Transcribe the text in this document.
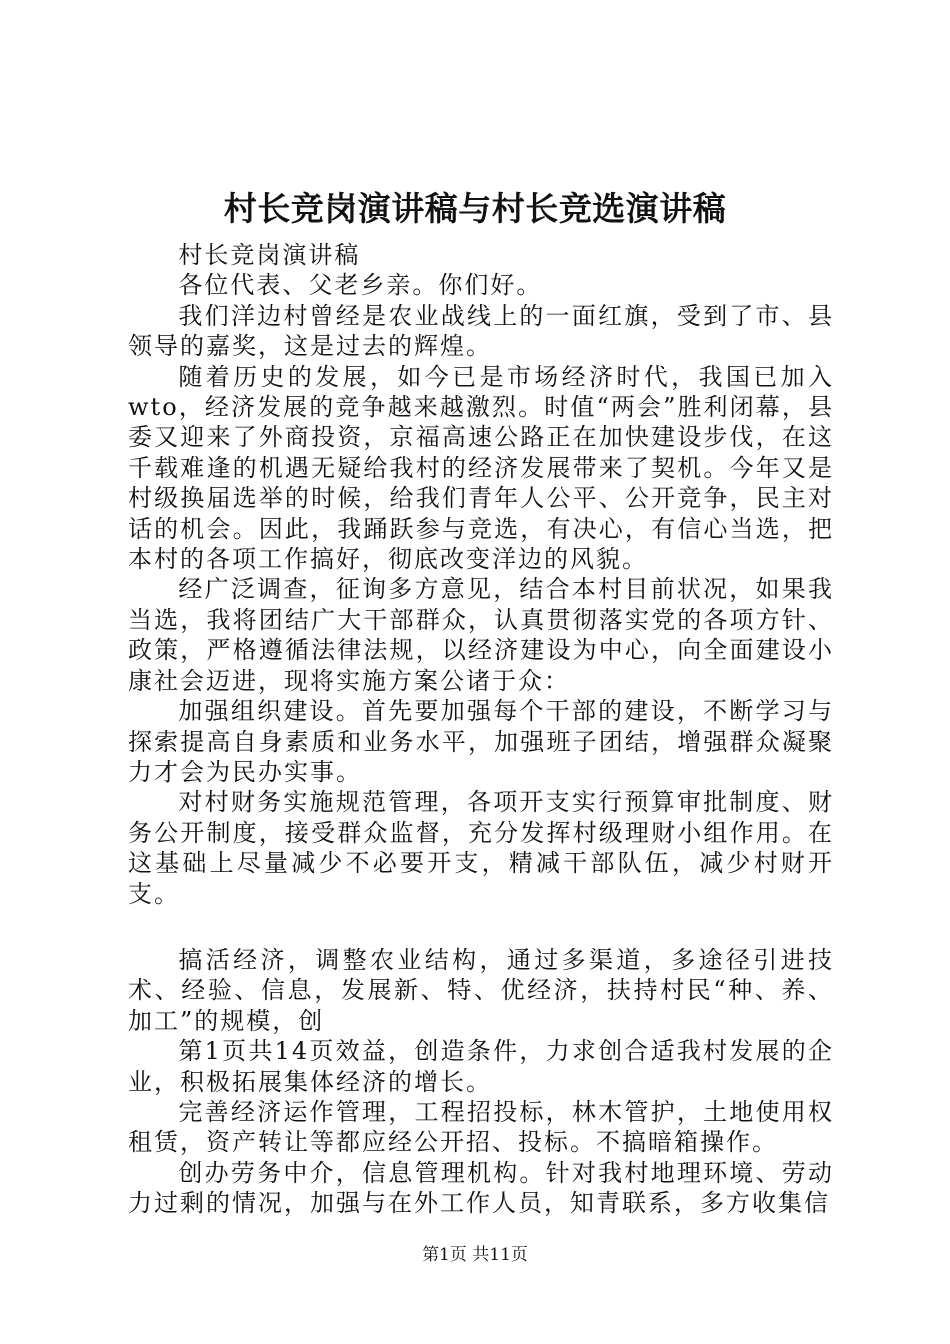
村长竞岗演讲稿与村长竞选演讲稿

村长竞岗演讲稿

各位代表、父老乡亲。你们好。

我们洋边村曾经是农业战线上的一面红旗，受到了市、县领导的嘉奖，这是过去的辉煌。

随着历史的发展，如今已是市场经济时代，我国已加入wto，经济发展的竞争越来越激烈。时值“两会”胜利闭幕，县委又迎来了外商投资，京福高速公路正在加快建设步伐，在这千载难逢的机遇无疑给我村的经济发展带来了契机。今年又是村级换届选举的时候，给我们青年人公平、公开竞争，民主对话的机会。因此，我踊跃参与竞选，有决心，有信心当选，把本村的各项工作搞好，彻底改变洋边的风貌。

经广泛调查，征询多方意见，结合本村目前状况，如果我当选，我将团结广大干部群众，认真贯彻落实党的各项方针、政策，严格遵循法律法规，以经济建设为中心，向全面建设小康社会迈进，现将实施方案公诸于众：

加强组织建设。首先要加强每个干部的建设，不断学习与探索提高自身素质和业务水平，加强班子团结，增强群众凝聚力才会为民办实事。

对村财务实施规范管理，各项开支实行预算审批制度、财务公开制度，接受群众监督，充分发挥村级理财小组作用。在这基础上尽量减少不必要开支，精减干部队伍，减少村财开支。

搞活经济，调整农业结构，通过多渠道，多途径引进技术、经验、信息，发展新、特、优经济，扶持村民“种、养、加工”的规模，创

第1页共14页效益，创造条件，力求创合适我村发展的企业，积极拓展集体经济的增长。

完善经济运作管理，工程招投标，林木管护，土地使用权租赁，资产转让等都应经公开招、投标。不搞暗箱操作。

创办劳务中介，信息管理机构。针对我村地理环境、劳动力过剩的情况，加强与在外工作人员，知青联系，多方收集信

第1页 共11页
